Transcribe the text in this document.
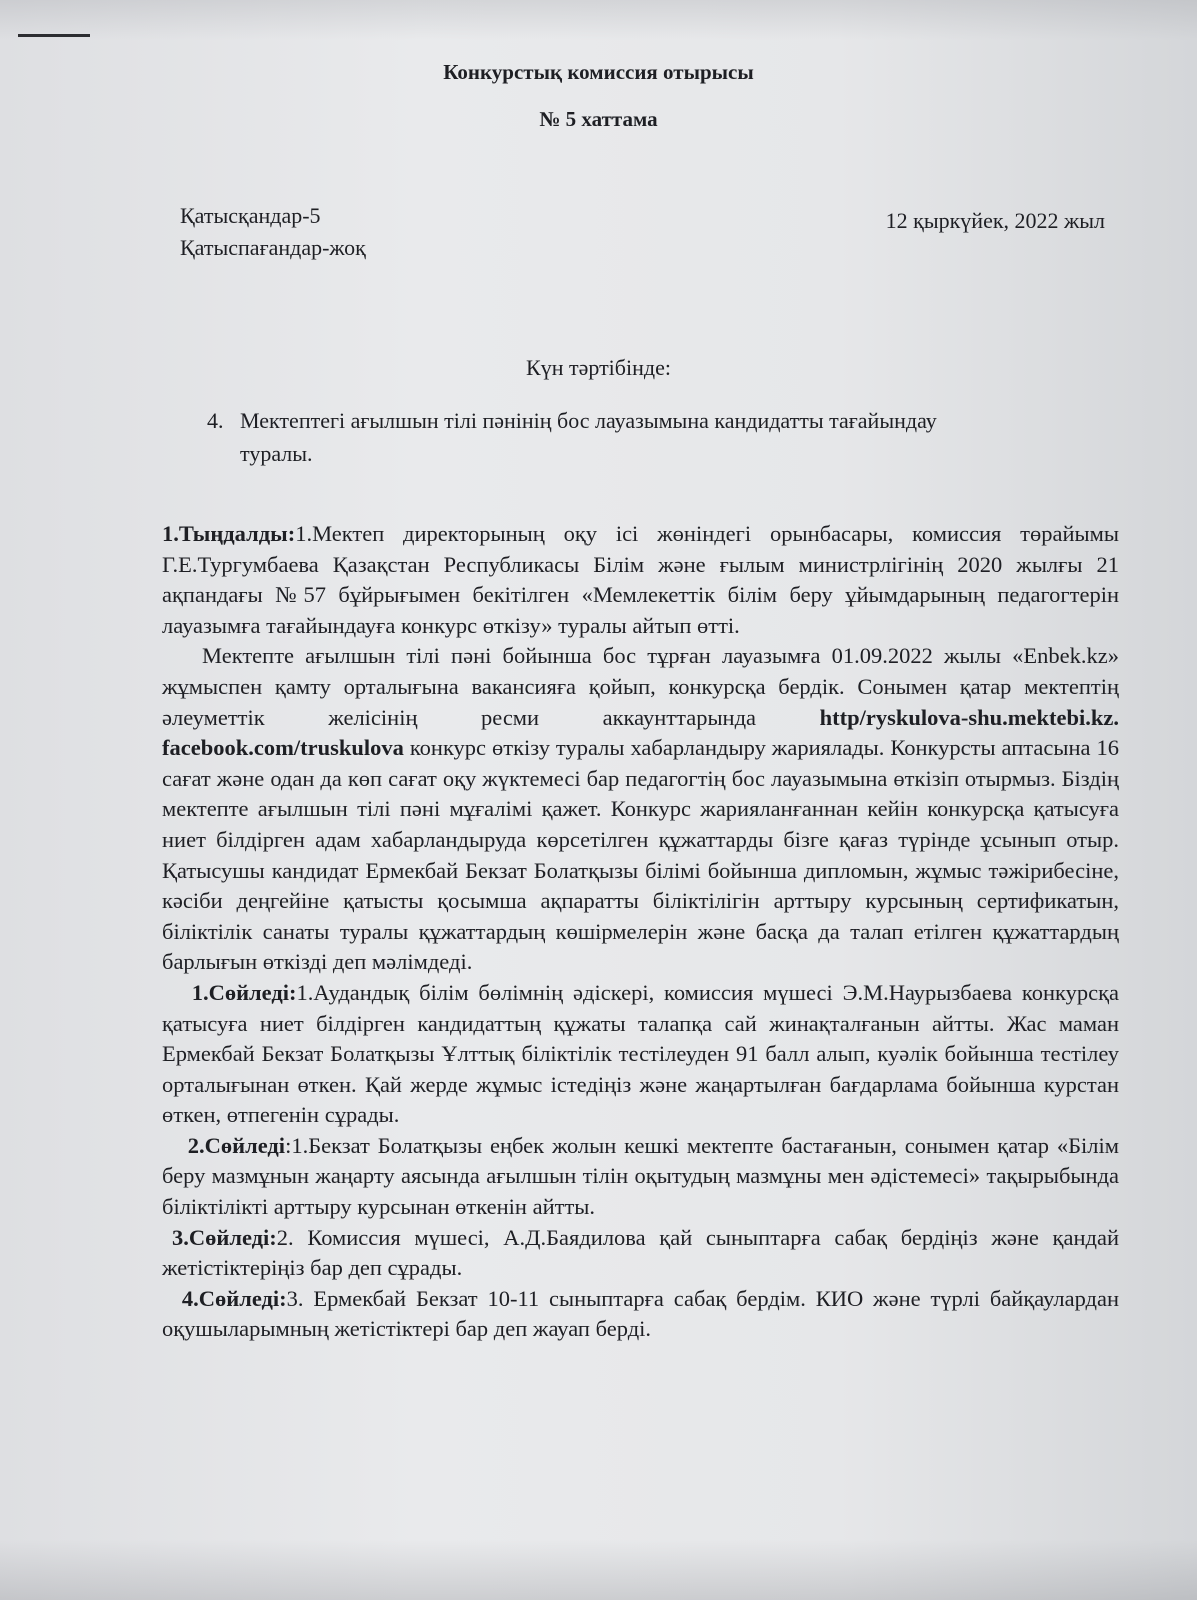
Конкурстық комиссия отырысы
№ 5 хаттама
Қатысқандар-5
Қатыспағандар-жоқ
12 қыркүйек, 2022 жыл
Күн тәртібінде:
4. Мектептегі ағылшын тілі пәнінің бос лауазымына кандидатты тағайындау туралы.

1.Тыңдалды:1.Мектеп директорының оқу ісі жөніндегі орынбасары, комиссия төрайымы Г.Е.Тургумбаева Қазақстан Республикасы Білім және ғылым министрлігінің 2020 жылғы 21 ақпандағы №57 бұйрығымен бекітілген «Мемлекеттік білім беру ұйымдарының педагогтерін лауазымға тағайындауға конкурс өткізу» туралы айтып өтті.

Мектепте ағылшын тілі пәні бойынша бос тұрған лауазымға 01.09.2022 жылы «Enbek.kz» жұмыспен қамту орталығына вакансияға қойып, конкурсқа бердік. Сонымен қатар мектептің әлеуметтік желісінің ресми аккаунттарында	http/ryskulova-shu.mektebi.kz. facebook.com/truskulova конкурс өткізу туралы хабарландыру жариялады. Конкурсты аптасына 16 сағат және одан да көп сағат оқу жүктемесі бар педагогтің бос лауазымына өткізіп отырмыз. Біздің мектепте ағылшын тілі пәні мұғалімі қажет. Конкурс жарияланғаннан кейін конкурсқа қатысуға ниет білдірген адам хабарландыруда көрсетілген құжаттарды бізге қағаз түрінде ұсынып отыр. Қатысушы кандидат Ермекбай Бекзат Болатқызы білімі бойынша дипломын, жұмыс тәжірибесіне, кәсіби деңгейіне қатысты қосымша ақпаратты біліктілігін арттыру курсының сертификатын, біліктілік санаты туралы құжаттардың көшірмелерін және басқа да талап етілген құжаттардың барлығын өткізді деп мәлімдеді.

1.Сөйледі:1.Аудандық білім бөлімнің әдіскері, комиссия мүшесі Э.М.Наурызбаева конкурсқа қатысуға ниет білдірген кандидаттың құжаты талапқа сай жинақталғанын айтты. Жас маман Ермекбай Бекзат Болатқызы Ұлттық біліктілік тестілеуден 91 балл алып, куәлік бойынша тестілеу орталығынан өткен. Қай жерде жұмыс істедіңіз және жаңартылған бағдарлама бойынша курстан өткен, өтпегенін сұрады.

2.Сөйледі:1.Бекзат Болатқызы еңбек жолын кешкі мектепте бастағанын, сонымен қатар «Білім беру мазмұнын жаңарту аясында ағылшын тілін оқытудың мазмұны мен әдістемесі» тақырыбында біліктілікті арттыру курсынан өткенін айтты.

3.Сөйледі:2. Комиссия мүшесі, А.Д.Баядилова қай сыныптарға сабақ бердіңіз және қандай жетістіктеріңіз бар деп сұрады.

4.Сөйледі:3. Ермекбай Бекзат 10-11 сыныптарға сабақ бердім. КИО және түрлі байқаулардан оқушыларымның жетістіктері бар деп жауап берді.
